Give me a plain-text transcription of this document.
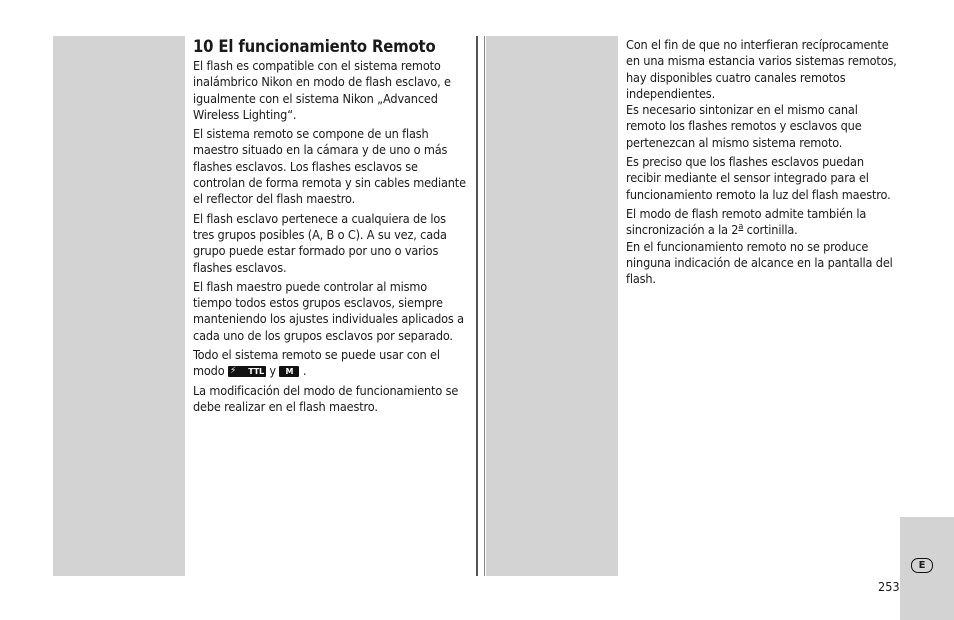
10 El funcionamiento Remoto

El flash es compatible con el sistema remoto inalámbrico Nikon en modo de flash esclavo, e igualmente con el sistema Nikon „Advanced Wireless Lighting“.

El sistema remoto se compone de un flash maestro situado en la cámara y de uno o más flashes esclavos. Los flashes esclavos se controlan de forma remota y sin cables mediante el reflector del flash maestro.

El flash esclavo pertenece a cualquiera de los tres grupos posibles (A, B o C). A su vez, cada grupo puede estar formado por uno o varios flashes esclavos.

El flash maestro puede controlar al mismo tiempo todos estos grupos esclavos, siempre manteniendo los ajustes individuales aplicados a cada uno de los grupos esclavos por separado.

Todo el sistema remoto se puede usar con el modo ⚡ TTL y M .

La modificación del modo de funcionamiento se debe realizar en el flash maestro.

Con el fin de que no interfieran recíprocamente en una misma estancia varios sistemas remotos, hay disponibles cuatro canales remotos independientes.

Es necesario sintonizar en el mismo canal remoto los flashes remotos y esclavos que pertenezcan al mismo sistema remoto.

Es preciso que los flashes esclavos puedan recibir mediante el sensor integrado para el funcionamiento remoto la luz del flash maestro.

El modo de flash remoto admite también la sincronización a la 2$^a$ cortinilla.

En el funcionamiento remoto no se produce ninguna indicación de alcance en la pantalla del flash.

E
253
